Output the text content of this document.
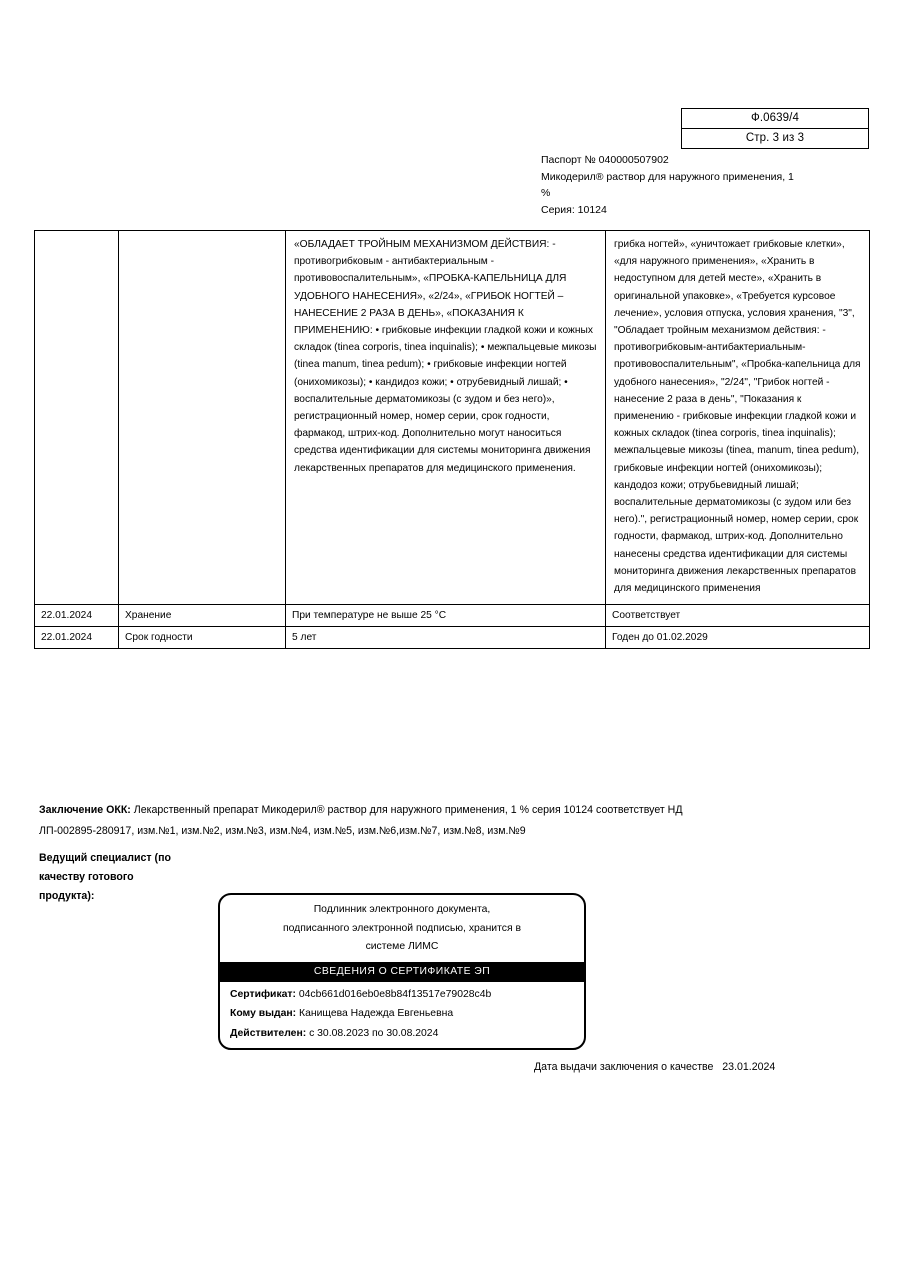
Ф.0639/4
Стр. 3 из 3
Паспорт № 040000507902
Микодерил® раствор для наружного применения, 1
%
Серия: 10124
		«ОБЛАДАЕТ ТРОЙНЫМ МЕХАНИЗМОМ ДЕЙСТВИЯ: - противогрибковым - антибактериальным - противовоспалительным», «ПРОБКА-КАПЕЛЬНИЦА ДЛЯ УДОБНОГО НАНЕСЕНИЯ», «2/24», «ГРИБОК НОГТЕЙ – НАНЕСЕНИЕ 2 РАЗА В ДЕНЬ», «ПОКАЗАНИЯ К ПРИМЕНЕНИЮ: • грибковые инфекции гладкой кожи и кожных складок (tinea corporis, tinea inquinalis); • межпальцевые микозы (tinea manum, tinea pedum); • грибковые инфекции ногтей (онихомикозы); • кандидоз кожи; • отрубевидный лишай; • воспалительные дерматомикозы (с зудом и без него)», регистрационный номер, номер серии, срок годности, фармакод, штрих-код. Дополнительно могут наноситься средства идентификации для системы мониторинга движения лекарственных препаратов для медицинского применения.	грибка ногтей», «уничтожает грибковые клетки», «для наружного применения», «Хранить в недоступном для детей месте», «Хранить в оригинальной упаковке», «Требуется курсовое лечение», условия отпуска, условия хранения, "3", "Обладает тройным механизмом действия: - противогрибковым-антибактериальным-противовоспалительным", «Пробка-капельница для удобного нанесения», "2/24", "Грибок ногтей - нанесение 2 раза в день", "Показания к применению - грибковые инфекции гладкой кожи и кожных складок (tinea corporis, tinea inquinalis); межпальцевые микозы (tinea, manum, tinea pedum), грибковые инфекции ногтей (онихомикозы); кандодоз кожи; отрубьевидный лишай; воспалительные дерматомикозы (с зудом или без него).", регистрационный номер, номер серии, срок годности, фармакод, штрих-код. Дополнительно нанесены средства идентификации для системы мониторинга движения лекарственных препаратов для медицинского применения
22.01.2024	Хранение	При температуре не выше 25 °С	Соответствует
22.01.2024	Срок годности	5 лет	Годен до 01.02.2029
Заключение ОКК: Лекарственный препарат Микодерил® раствор для наружного применения, 1 % серия 10124 соответствует НД
ЛП-002895-280917, изм.№1, изм.№2, изм.№3, изм.№4, изм.№5, изм.№6,изм.№7, изм.№8, изм.№9
Ведущий специалист (по
качеству готового
продукта):
Подлинник электронного документа,
подписанного электронной подписью, хранится в
системе ЛИМС
СВЕДЕНИЯ О СЕРТИФИКАТЕ ЭП
Сертификат: 04cb661d016eb0e8b84f13517e79028c4b
Кому выдан: Канищева Надежда Евгеньевна
Действителен: с 30.08.2023 по 30.08.2024
Дата выдачи заключения о качестве   23.01.2024
